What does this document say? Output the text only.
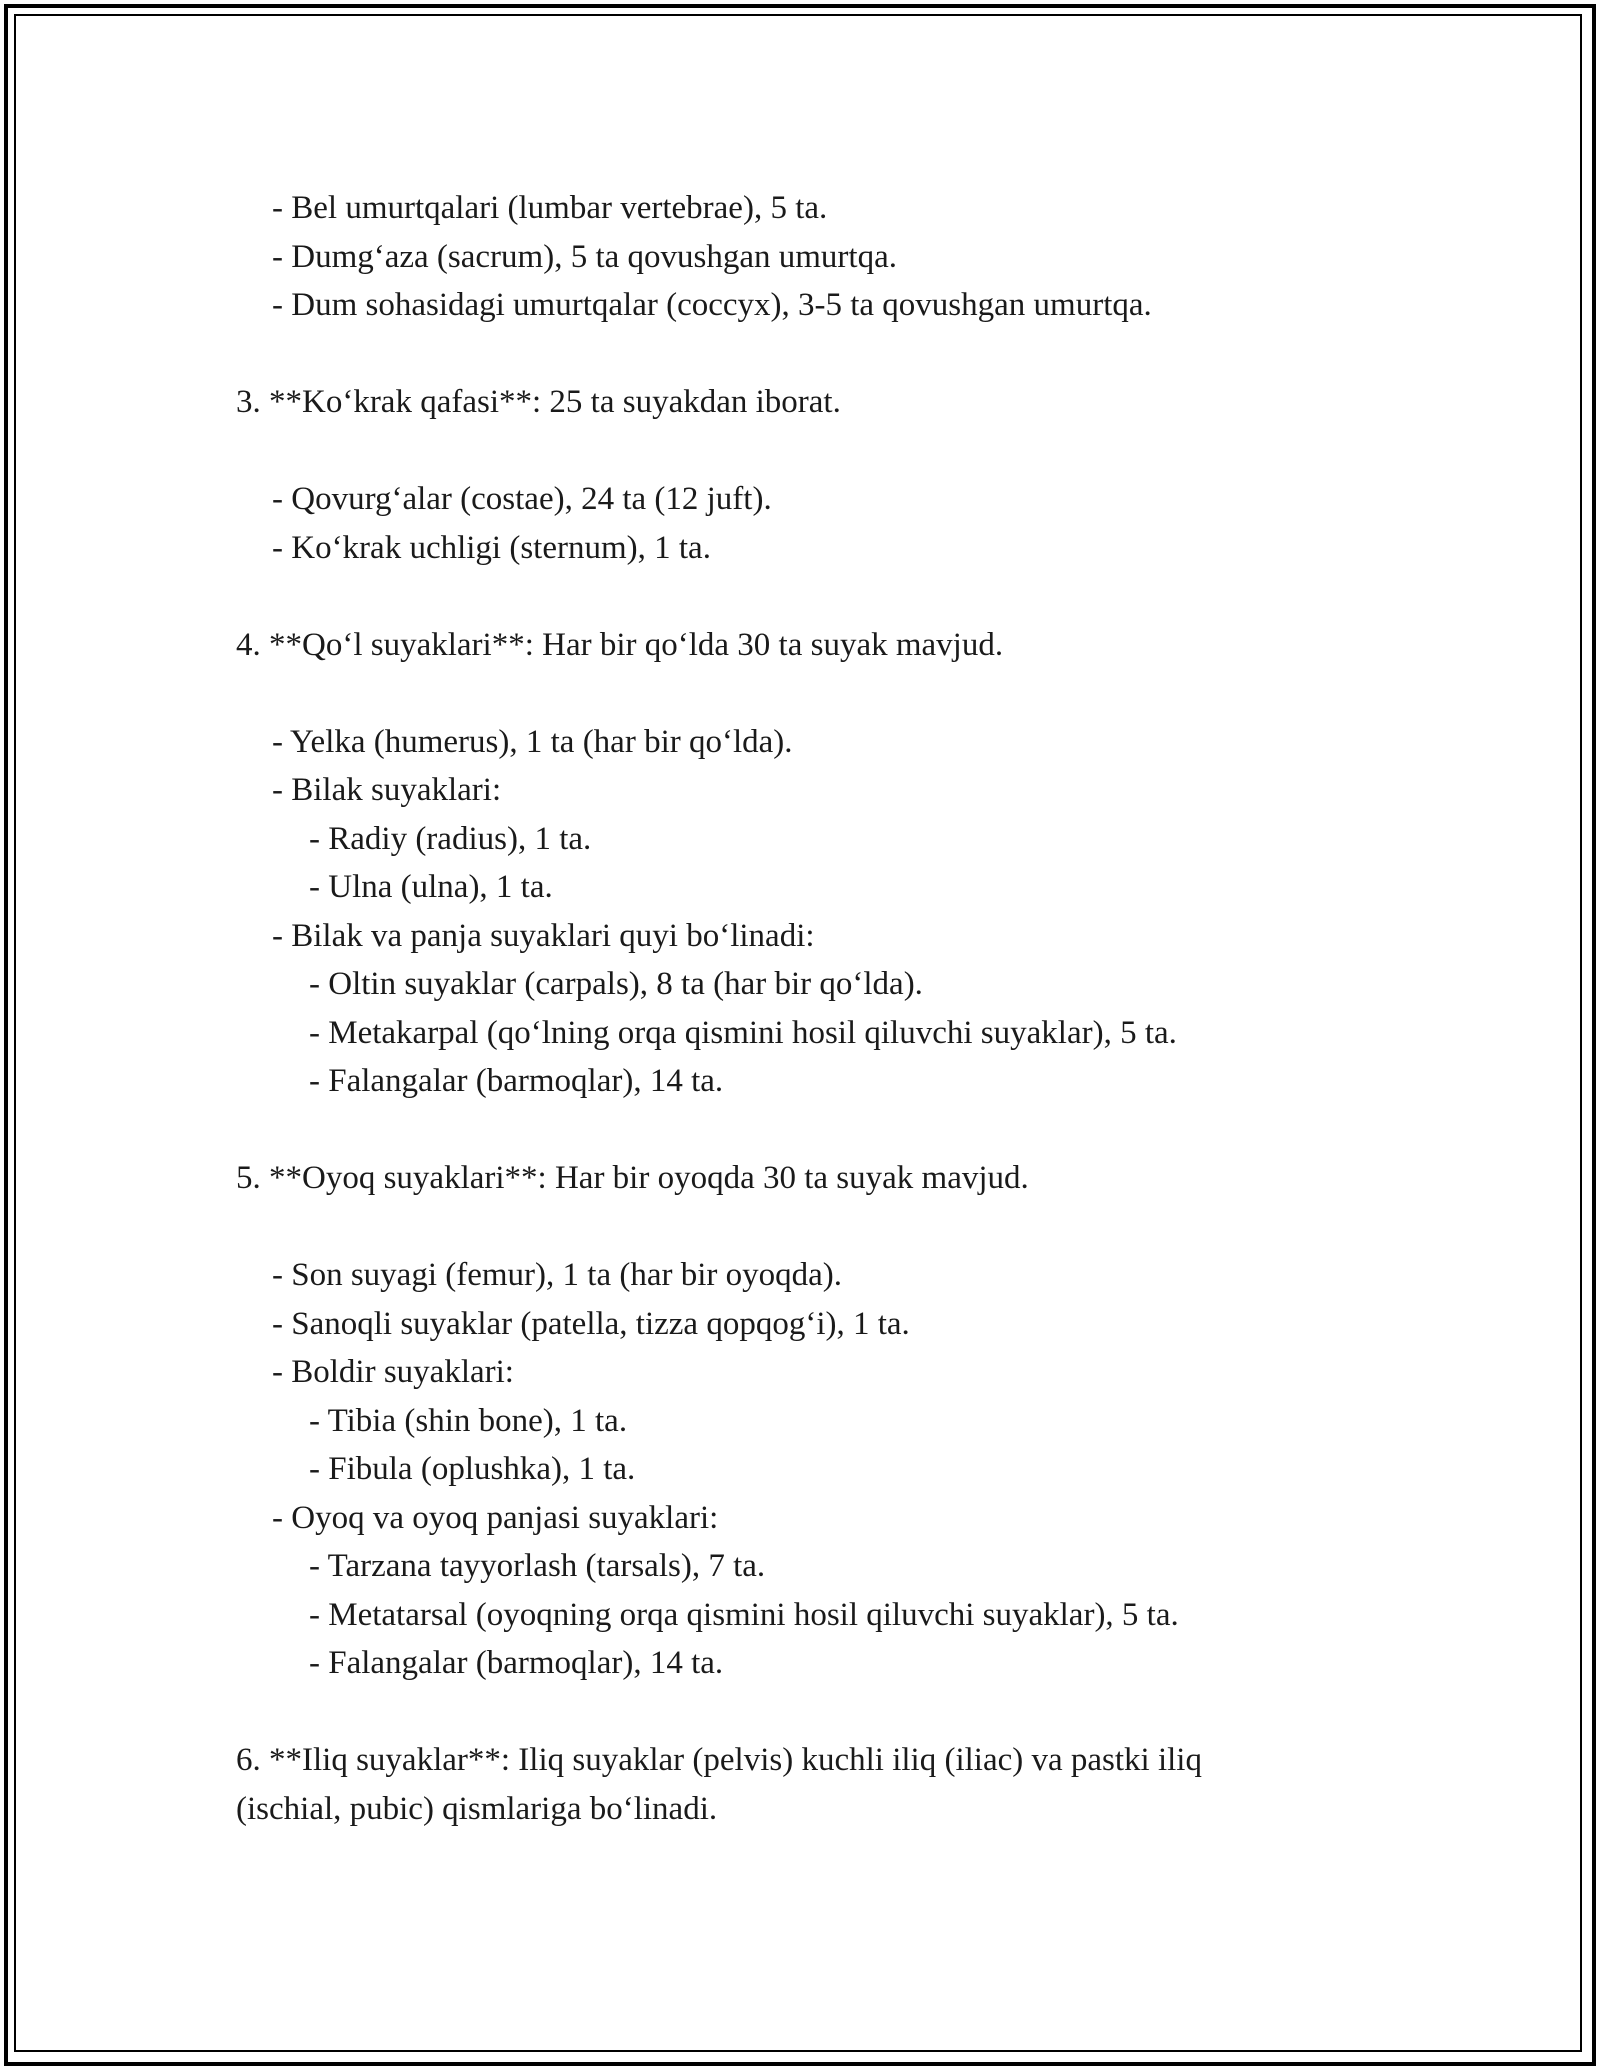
- Bel umurtqalari (lumbar vertebrae), 5 ta.
- Dumg‘aza (sacrum), 5 ta qovushgan umurtqa.
- Dum sohasidagi umurtqalar (coccyx), 3-5 ta qovushgan umurtqa.
3. **Ko‘krak qafasi**: 25 ta suyakdan iborat.
- Qovurg‘alar (costae), 24 ta (12 juft).
- Ko‘krak uchligi (sternum), 1 ta.
4. **Qo‘l suyaklari**: Har bir qo‘lda 30 ta suyak mavjud.
- Yelka (humerus), 1 ta (har bir qo‘lda).
- Bilak suyaklari:
- Radiy (radius), 1 ta.
- Ulna (ulna), 1 ta.
- Bilak va panja suyaklari quyi bo‘linadi:
- Oltin suyaklar (carpals), 8 ta (har bir qo‘lda).
- Metakarpal (qo‘lning orqa qismini hosil qiluvchi suyaklar), 5 ta.
- Falangalar (barmoqlar), 14 ta.
5. **Oyoq suyaklari**: Har bir oyoqda 30 ta suyak mavjud.
- Son suyagi (femur), 1 ta (har bir oyoqda).
- Sanoqli suyaklar (patella, tizza qopqog‘i), 1 ta.
- Boldir suyaklari:
- Tibia (shin bone), 1 ta.
- Fibula (oplushka), 1 ta.
- Oyoq va oyoq panjasi suyaklari:
- Tarzana tayyorlash (tarsals), 7 ta.
- Metatarsal (oyoqning orqa qismini hosil qiluvchi suyaklar), 5 ta.
- Falangalar (barmoqlar), 14 ta.
6. **Iliq suyaklar**: Iliq suyaklar (pelvis) kuchli iliq (iliac) va pastki iliq
(ischial, pubic) qismlariga bo‘linadi.
